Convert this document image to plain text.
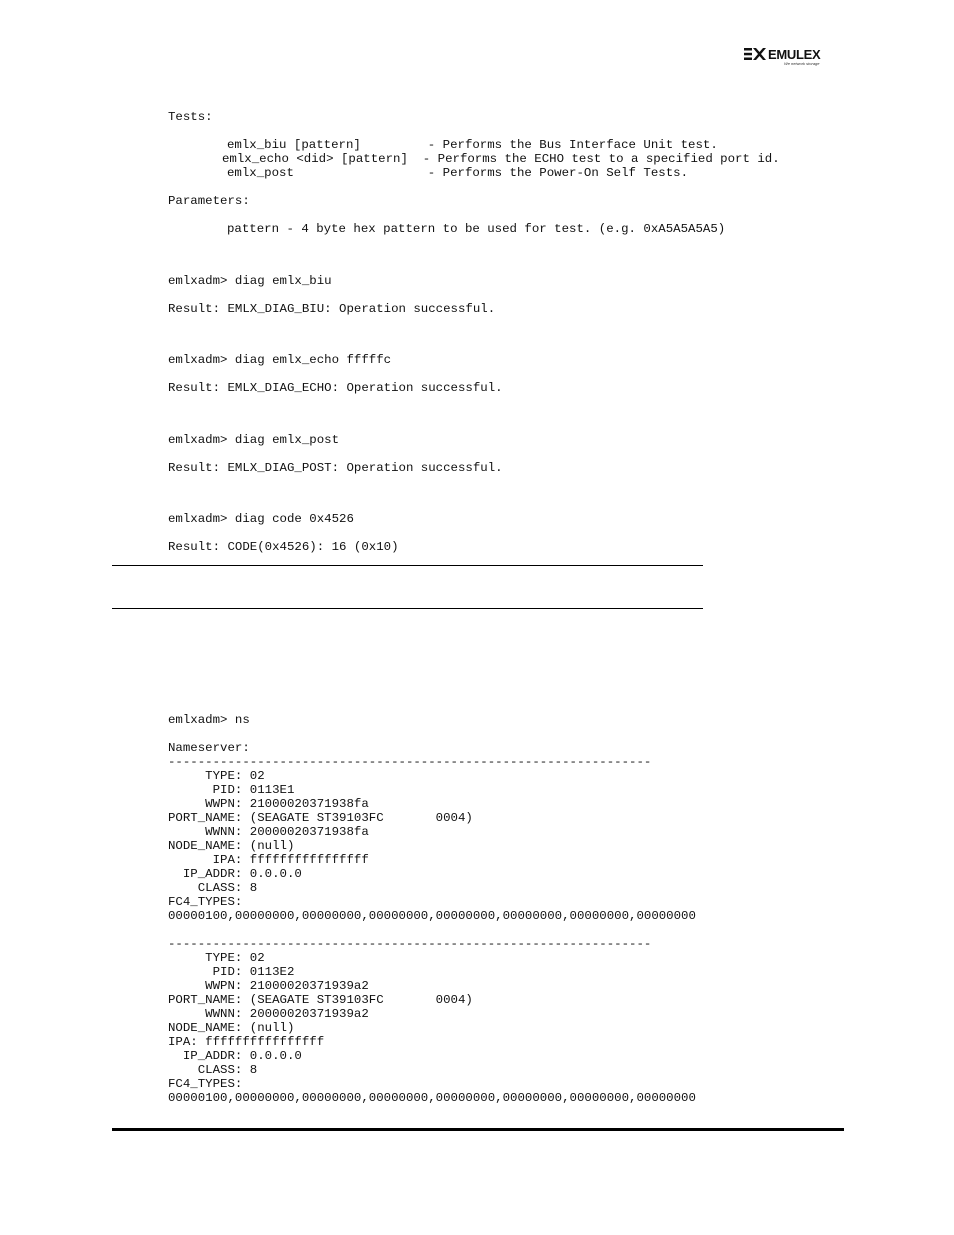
EMULEX
We network storage
Tests:
emlx_biu [pattern]         - Performs the Bus Interface Unit test.
emlx_echo <did> [pattern]  - Performs the ECHO test to a specified port id.
emlx_post                  - Performs the Power-On Self Tests.
Parameters:
pattern - 4 byte hex pattern to be used for test. (e.g. 0xA5A5A5A5)
emlxadm> diag emlx_biu
Result: EMLX_DIAG_BIU: Operation successful.
emlxadm> diag emlx_echo fffffc
Result: EMLX_DIAG_ECHO: Operation successful.
emlxadm> diag emlx_post
Result: EMLX_DIAG_POST: Operation successful.
emlxadm> diag code 0x4526
Result: CODE(0x4526): 16 (0x10)
emlxadm> ns
Nameserver:
-----------------------------------------------------------------
TYPE: 02
PID: 0113E1
WWPN: 21000020371938fa
PORT_NAME: (SEAGATE ST39103FC       0004)
WWNN: 20000020371938fa
NODE_NAME: (null)
IPA: ffffffffffffffff
IP_ADDR: 0.0.0.0
CLASS: 8
FC4_TYPES:
00000100,00000000,00000000,00000000,00000000,00000000,00000000,00000000
-----------------------------------------------------------------
TYPE: 02
PID: 0113E2
WWPN: 21000020371939a2
PORT_NAME: (SEAGATE ST39103FC       0004)
WWNN: 20000020371939a2
NODE_NAME: (null)
IPA: ffffffffffffffff
IP_ADDR: 0.0.0.0
CLASS: 8
FC4_TYPES:
00000100,00000000,00000000,00000000,00000000,00000000,00000000,00000000
